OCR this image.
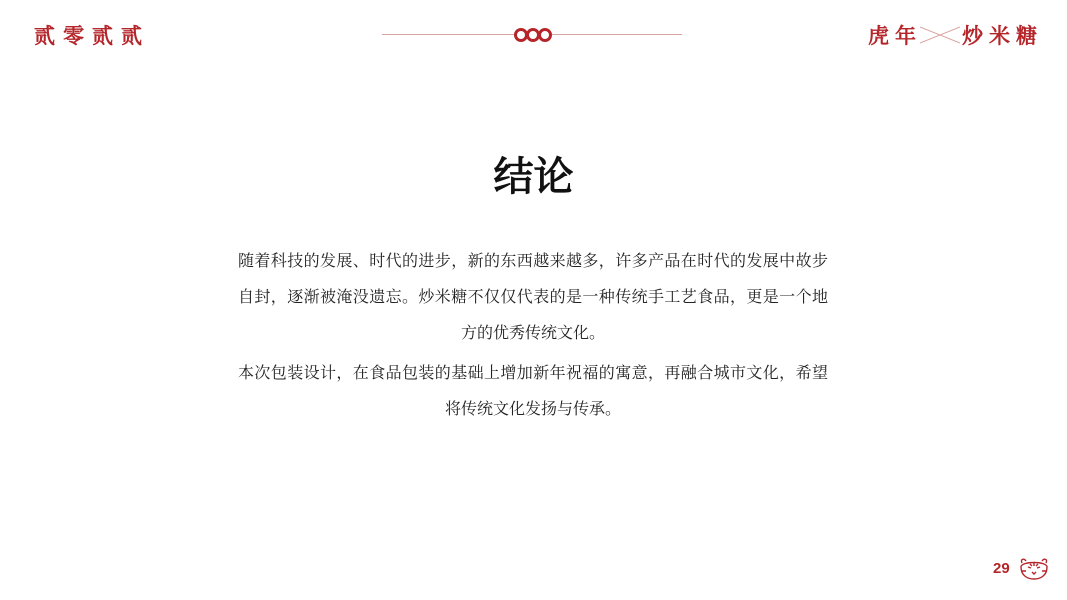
贰零贰贰	虎年 炒米糖
结论

随着科技的发展、时代的进步，新的东西越来越多，许多产品在时代的发展中故步自封，逐渐被淹没遗忘。炒米糖不仅仅代表的是一种传统手工艺食品，更是一个地方的优秀传统文化。

本次包装设计，在食品包装的基础上增加新年祝福的寓意，再融合城市文化，希望将传统文化发扬与传承。

29
